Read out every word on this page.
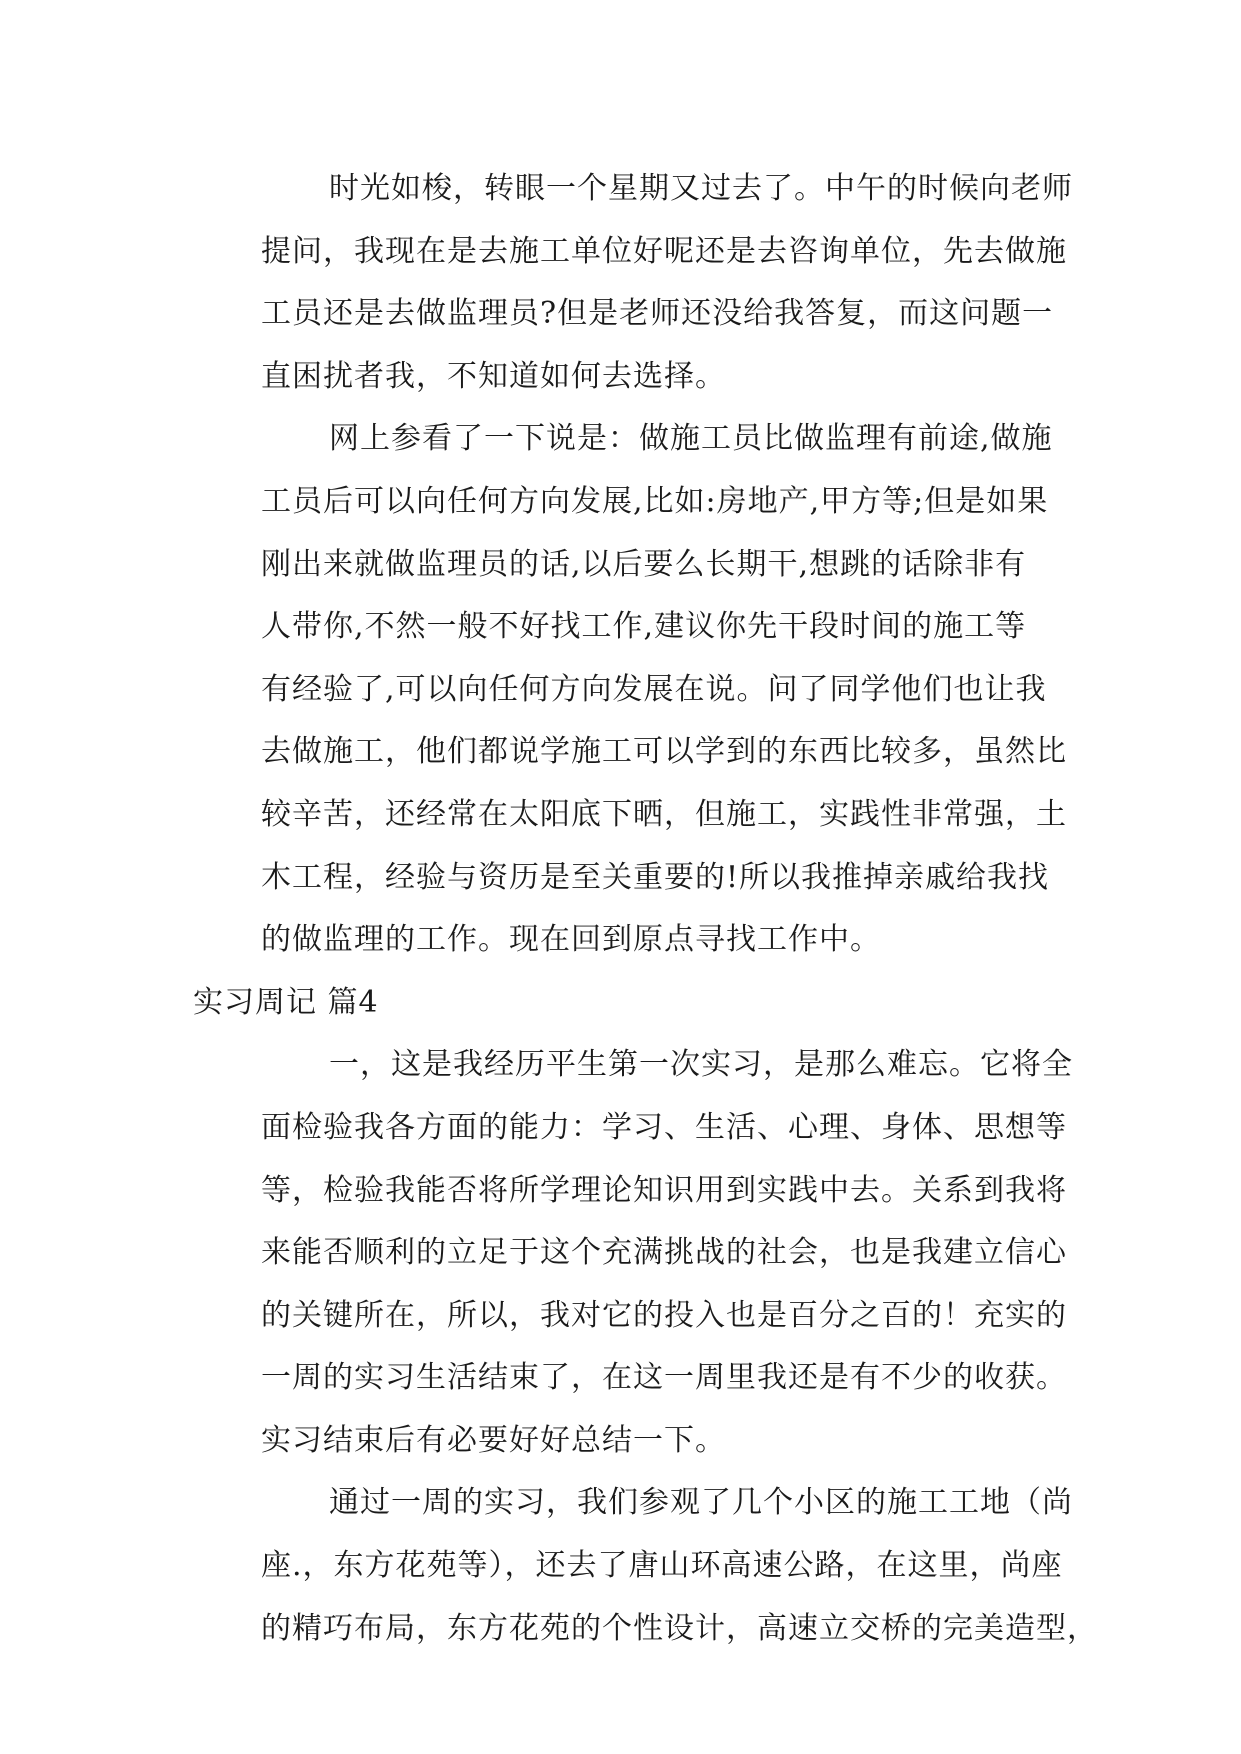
时光如梭，转眼一个星期又过去了。中午的时候向老师
提问，我现在是去施工单位好呢还是去咨询单位，先去做施
工员还是去做监理员?但是老师还没给我答复，而这问题一
直困扰者我，不知道如何去选择。
网上参看了一下说是：做施工员比做监理有前途,做施
工员后可以向任何方向发展,比如:房地产,甲方等;但是如果
刚出来就做监理员的话,以后要么长期干,想跳的话除非有
人带你,不然一般不好找工作,建议你先干段时间的施工等
有经验了,可以向任何方向发展在说。问了同学他们也让我
去做施工，他们都说学施工可以学到的东西比较多，虽然比
较辛苦，还经常在太阳底下晒，但施工，实践性非常强，土
木工程，经验与资历是至关重要的!所以我推掉亲戚给我找
的做监理的工作。现在回到原点寻找工作中。
实习周记 篇4
一，这是我经历平生第一次实习，是那么难忘。它将全
面检验我各方面的能力：学习、生活、心理、身体、思想等
等，检验我能否将所学理论知识用到实践中去。关系到我将
来能否顺利的立足于这个充满挑战的社会，也是我建立信心
的关键所在，所以，我对它的投入也是百分之百的！充实的
一周的实习生活结束了，在这一周里我还是有不少的收获。
实习结束后有必要好好总结一下。
通过一周的实习，我们参观了几个小区的施工工地（尚
座.，东方花苑等），还去了唐山环高速公路，在这里，尚座
的精巧布局，东方花苑的个性设计，高速立交桥的完美造型，
